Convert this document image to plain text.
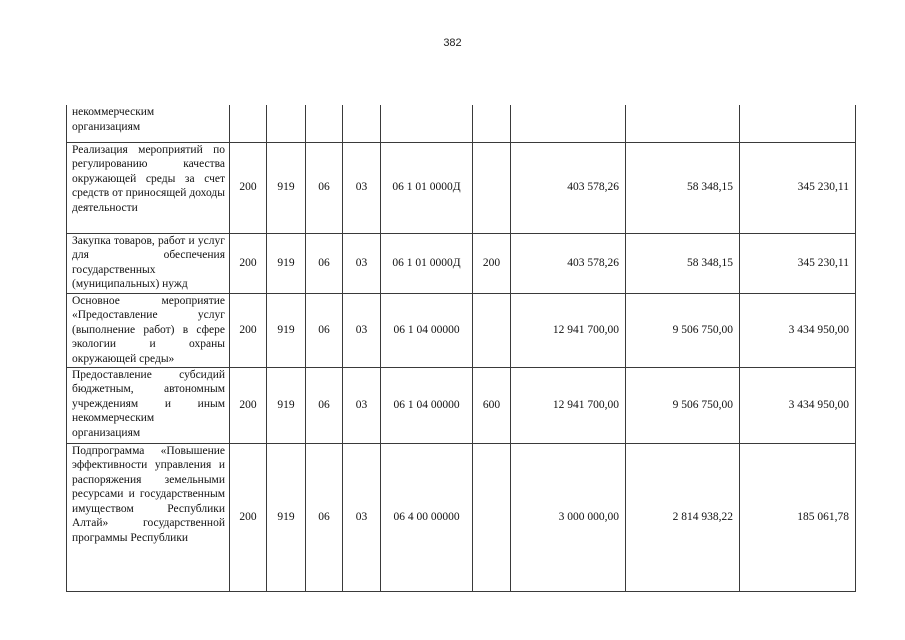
382
некоммерческим организациям									
Реализация мероприятий по регулированию качества окружающей среды за счет средств от приносящей доходы деятельности	200	919	06	03	06 1 01 0000Д		403 578,26	58 348,15	345 230,11
Закупка товаров, работ и услуг для обеспечения государственных (муниципальных) нужд	200	919	06	03	06 1 01 0000Д	200	403 578,26	58 348,15	345 230,11
Основное мероприятие «Предоставление услуг (выполнение работ) в сфере экологии и охраны окружающей среды»	200	919	06	03	06 1 04 00000		12 941 700,00	9 506 750,00	3 434 950,00
Предоставление субсидий бюджетным, автономным учреждениям и иным некоммерческим организациям	200	919	06	03	06 1 04 00000	600	12 941 700,00	9 506 750,00	3 434 950,00
Подпрограмма «Повышение эффективности управления и распоряжения земельными ресурсами и государственным имуществом Республики Алтай» государственной программы Республики	200	919	06	03	06 4 00 00000		3 000 000,00	2 814 938,22	185 061,78
